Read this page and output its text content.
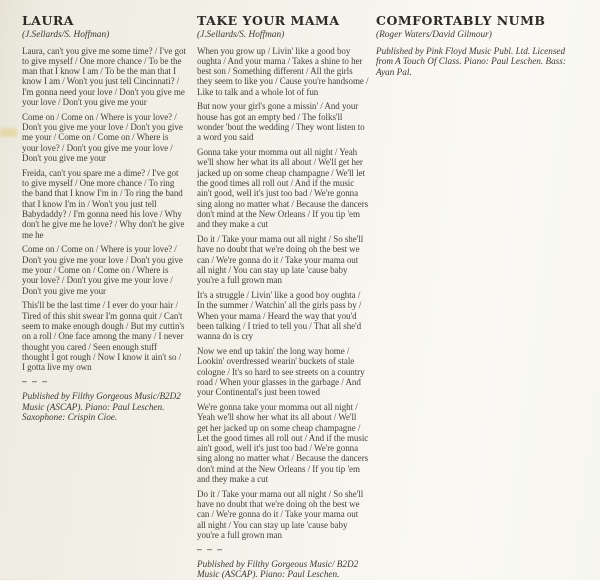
LAURA

(J.Sellards/S. Hoffman)

Laura, can't you give me some time? / I've got to give myself / One more chance / To be the man that I know I am / To be the man that I know I am / Won't you just tell Cincinnati? / I'm gonna need your love / Don't you give me your love / Don't you give me your

Come on / Come on / Where is your love? / Don't you give me your love / Don't you give me your / Come on / Come on / Where is your love? / Don't you give me your love / Don't you give me your

Freida, can't you spare me a dime? / I've got to give myself / One more chance / To ring the band that I know I'm in / To ring the band that I know I'm in / Won't you just tell Babydaddy? / I'm gonna need his love / Why don't he give me he love? / Why don't he give me he

Come on / Come on / Where is your love? / Don't you give me your love / Don't you give me your / Come on / Come on / Where is your love? / Don't you give me your love / Don't you give me your

This'll be the last time / I ever do your hair / Tired of this shit swear I'm gonna quit / Can't seem to make enough dough / But my cuttin's on a roll / One face among the many / I never thought you cared / Seen enough stuff thought I got rough / Now I know it ain't so / I gotta live my own

– – –

Published by Filthy Gorgeous Music/B2D2 Music (ASCAP). Piano: Paul Leschen. Saxophone: Crispin Cioe.

TAKE YOUR MAMA

(J.Sellards/S. Hoffman)

When you grow up / Livin' like a good boy oughta / And your mama / Takes a shine to her best son / Something different / All the girls they seem to like you / Cause you're handsome / Like to talk and a whole lot of fun

But now your girl's gone a missin' / And your house has got an empty bed / The folks'll wonder 'bout the wedding / They wont listen to a word you said

Gonna take your momma out all night / Yeah we'll show her what its all about / We'll get her jacked up on some cheap champagne / We'll let the good times all roll out / And if the music ain't good, well it's just too bad / We're gonna sing along no matter what / Because the dancers don't mind at the New Orleans / If you tip 'em and they make a cut

Do it / Take your mama out all night / So she'll have no doubt that we're doing oh the best we can / We're gonna do it / Take your mama out all night / You can stay up late 'cause baby you're a full grown man

It's a struggle / Livin' like a good boy oughta / In the summer / Watchin' all the girls pass by / When your mama / Heard the way that you'd been talking / I tried to tell you / That all she'd wanna do is cry

Now we end up takin' the long way home / Lookin' overdressed wearin' buckets of stale cologne / It's so hard to see streets on a country road / When your glasses in the garbage / And your Continental's just been towed

We're gonna take your momma out all night / Yeah we'll show her what its all about / We'll get her jacked up on some cheap champagne / Let the good times all roll out / And if the music ain't good, well it's just too bad / We're gonna sing along no matter what / Because the dancers don't mind at the New Orleans / If you tip 'em and they make a cut

Do it / Take your mama out all night / So she'll have no doubt that we're doing oh the best we can / We're gonna do it / Take your mama out all night / You can stay up late 'cause baby you're a full grown man

– – –

Published by Filthy Gorgeous Music/ B2D2 Music (ASCAP). Piano: Paul Leschen.

COMFORTABLY NUMB

(Roger Waters/David Gilmour)

Published by Pink Floyd Music Publ. Ltd. Licensed from A Touch Of Class. Piano: Paul Leschen. Bass: Ayan Pal.
